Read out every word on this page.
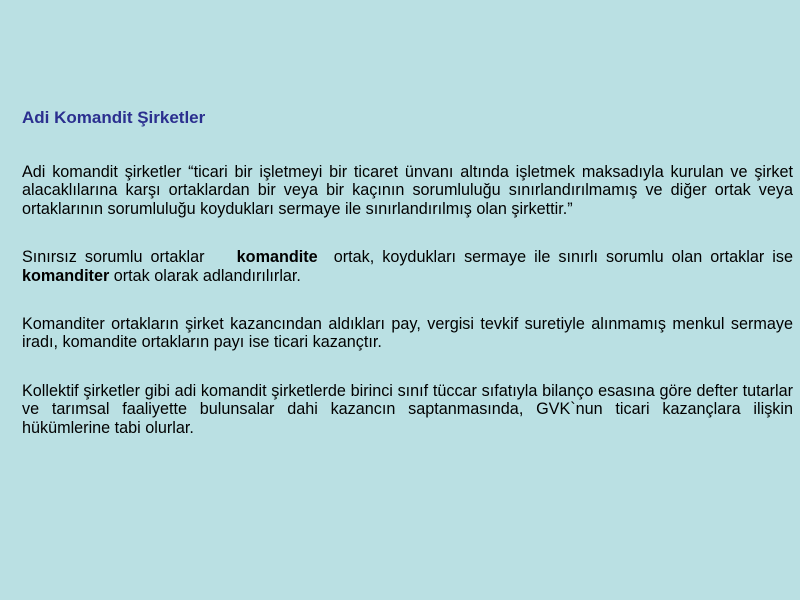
Adi Komandit Şirketler

Adi komandit şirketler “ticari bir işletmeyi bir ticaret ünvanı altında işletmek maksadıyla kurulan ve şirket alacaklılarına karşı ortaklardan bir veya bir kaçının sorumluluğu sınırlandırılmamış ve diğer ortak veya ortaklarının sorumluluğu koydukları sermaye ile sınırlandırılmış olan şirkettir.”

Sınırsız sorumlu ortaklar    komandite  ortak, koydukları sermaye ile sınırlı sorumlu olan ortaklar ise komanditer ortak olarak adlandırılırlar.

Komanditer ortakların şirket kazancından aldıkları pay, vergisi tevkif suretiyle alınmamış menkul sermaye iradı, komandite ortakların payı ise ticari kazançtır.

Kollektif şirketler gibi adi komandit şirketlerde birinci sınıf tüccar sıfatıyla bilanço esasına göre defter tutarlar ve tarımsal faaliyette bulunsalar dahi kazancın saptanmasında, GVK`nun ticari kazançlara ilişkin hükümlerine tabi olurlar.
